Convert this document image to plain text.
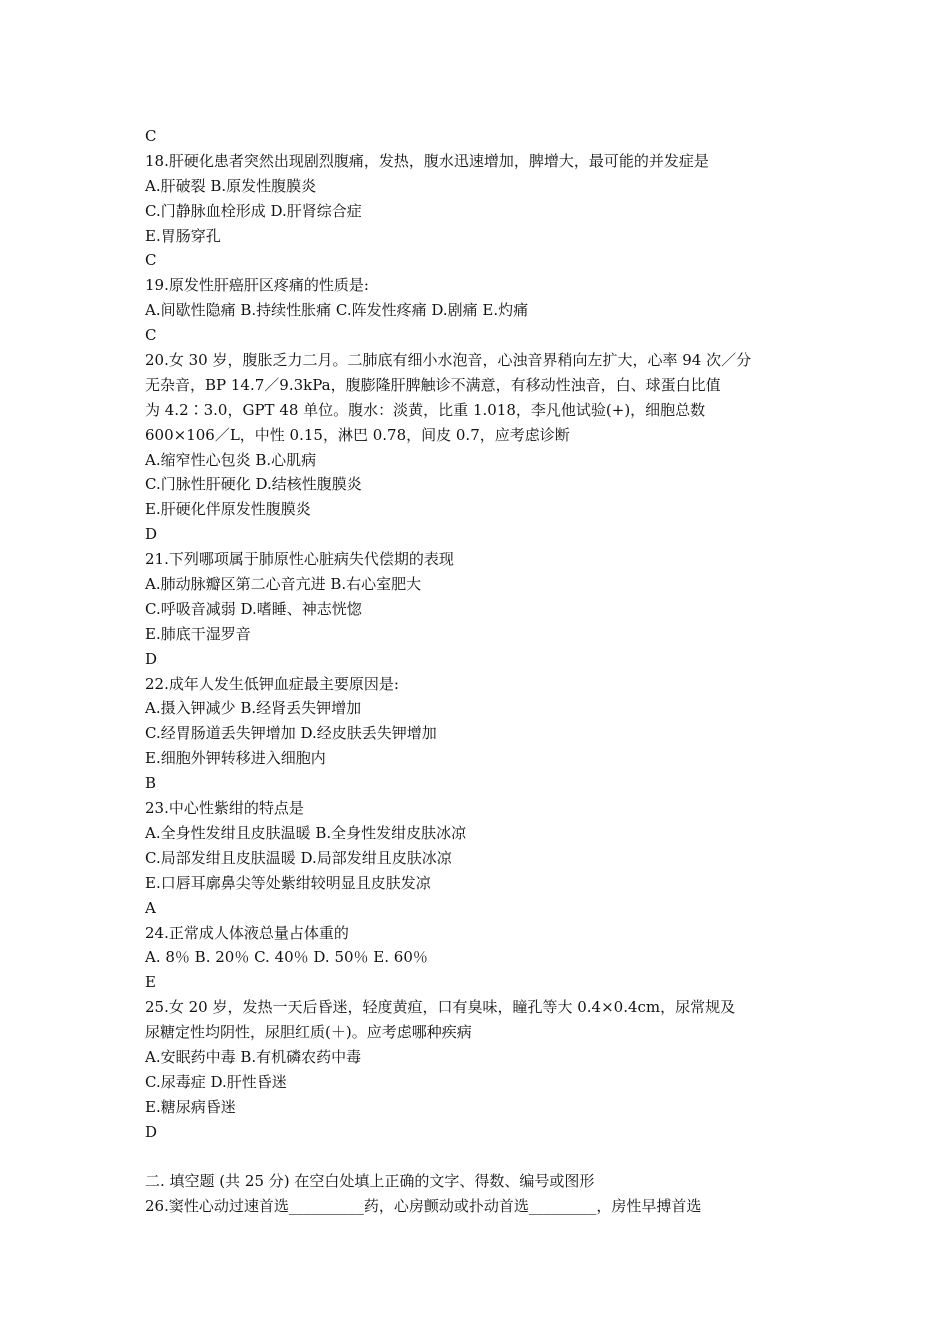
C
18.肝硬化患者突然出现剧烈腹痛，发热，腹水迅速增加，脾增大，最可能的并发症是
A.肝破裂 B.原发性腹膜炎
C.门静脉血栓形成 D.肝肾综合症
E.胃肠穿孔
C
19.原发性肝癌肝区疼痛的性质是:
A.间歇性隐痛 B.持续性胀痛 C.阵发性疼痛 D.剧痛 E.灼痛
C
20.女 30 岁，腹胀乏力二月。二肺底有细小水泡音，心浊音界稍向左扩大，心率 94 次／分
无杂音，BP 14.7／9.3kPa，腹膨隆肝脾触诊不满意，有移动性浊音，白、球蛋白比值
为 4.2∶3.0，GPT 48 单位。腹水：淡黄，比重 1.018，李凡他试验(+)，细胞总数
600×106／L，中性 0.15，淋巴 0.78，间皮 0.7，应考虑诊断
A.缩窄性心包炎 B.心肌病
C.门脉性肝硬化 D.结核性腹膜炎
E.肝硬化伴原发性腹膜炎
D
21.下列哪项属于肺原性心脏病失代偿期的表现
A.肺动脉瓣区第二心音亢进 B.右心室肥大
C.呼吸音减弱 D.嗜睡、神志恍惚
E.肺底干湿罗音
D
22.成年人发生低钾血症最主要原因是:
A.摄入钾减少 B.经肾丢失钾增加
C.经胃肠道丢失钾增加 D.经皮肤丢失钾增加
E.细胞外钾转移进入细胞内
B
23.中心性紫绀的特点是
A.全身性发绀且皮肤温暖 B.全身性发绀皮肤冰凉
C.局部发绀且皮肤温暖 D.局部发绀且皮肤冰凉
E.口唇耳廓鼻尖等处紫绀较明显且皮肤发凉
A
24.正常成人体液总量占体重的
A. 8％ B. 20％ C. 40％ D. 50％ E. 60％
E
25.女 20 岁，发热一天后昏迷，轻度黄疸，口有臭味，瞳孔等大 0.4×0.4cm，尿常规及
尿糖定性均阴性，尿胆红质(＋)。应考虑哪种疾病
A.安眠药中毒 B.有机磷农药中毒
C.尿毒症 D.肝性昏迷
E.糖尿病昏迷
D
二. 填空题 (共 25 分) 在空白处填上正确的文字、得数、编号或图形
26.窦性心动过速首选__________药，心房颤动或扑动首选_________，房性早搏首选
